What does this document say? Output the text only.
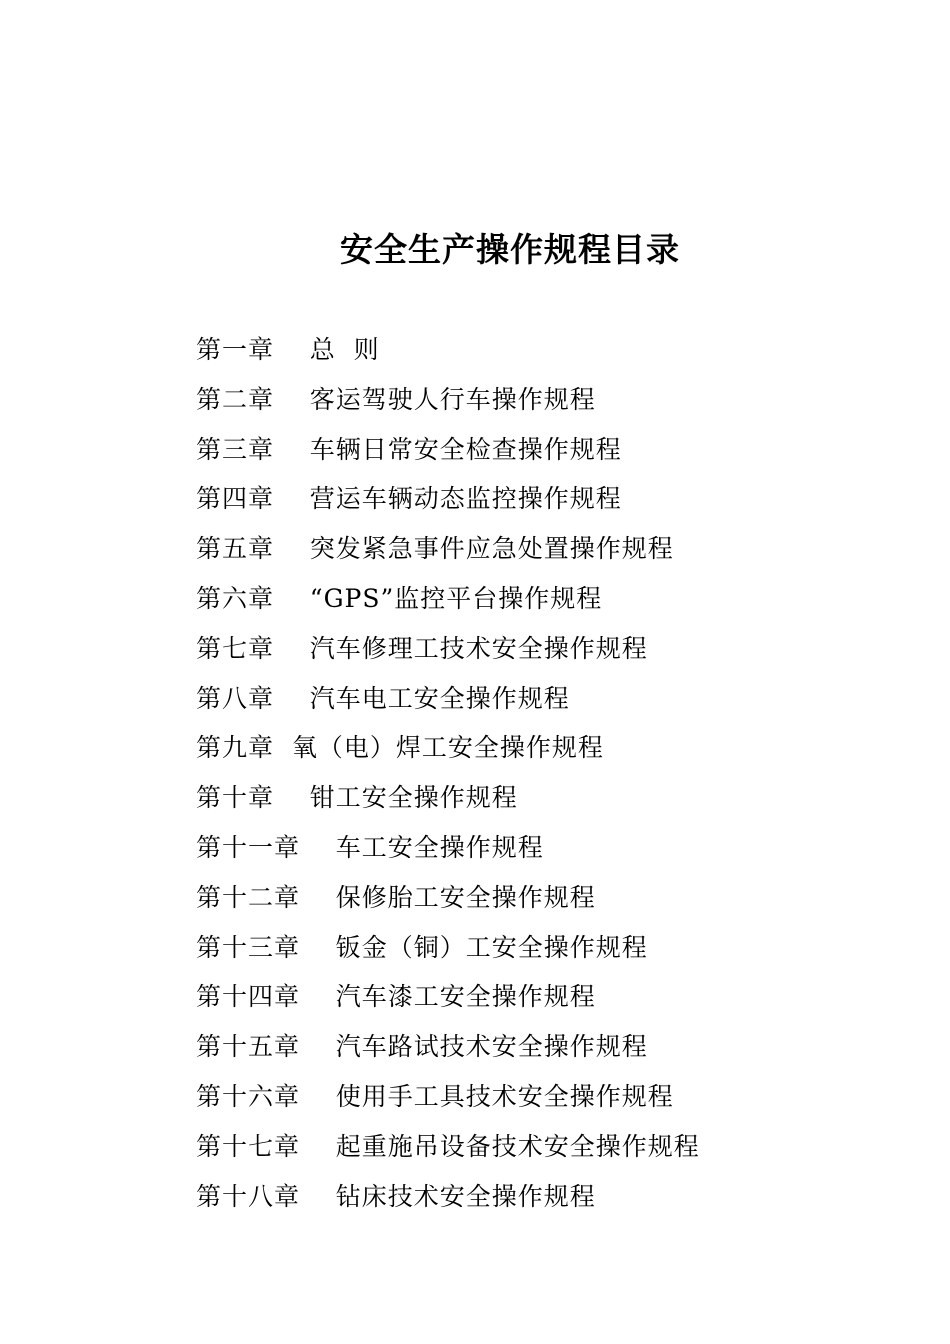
安全生产操作规程目录
第一章    总  则
第二章    客运驾驶人行车操作规程
第三章    车辆日常安全检查操作规程
第四章    营运车辆动态监控操作规程
第五章    突发紧急事件应急处置操作规程
第六章    “GPS”监控平台操作规程
第七章    汽车修理工技术安全操作规程
第八章    汽车电工安全操作规程
第九章  氧（电）焊工安全操作规程
第十章    钳工安全操作规程
第十一章    车工安全操作规程
第十二章    保修胎工安全操作规程
第十三章    钣金（铜）工安全操作规程
第十四章    汽车漆工安全操作规程
第十五章    汽车路试技术安全操作规程
第十六章    使用手工具技术安全操作规程
第十七章    起重施吊设备技术安全操作规程
第十八章    钻床技术安全操作规程
